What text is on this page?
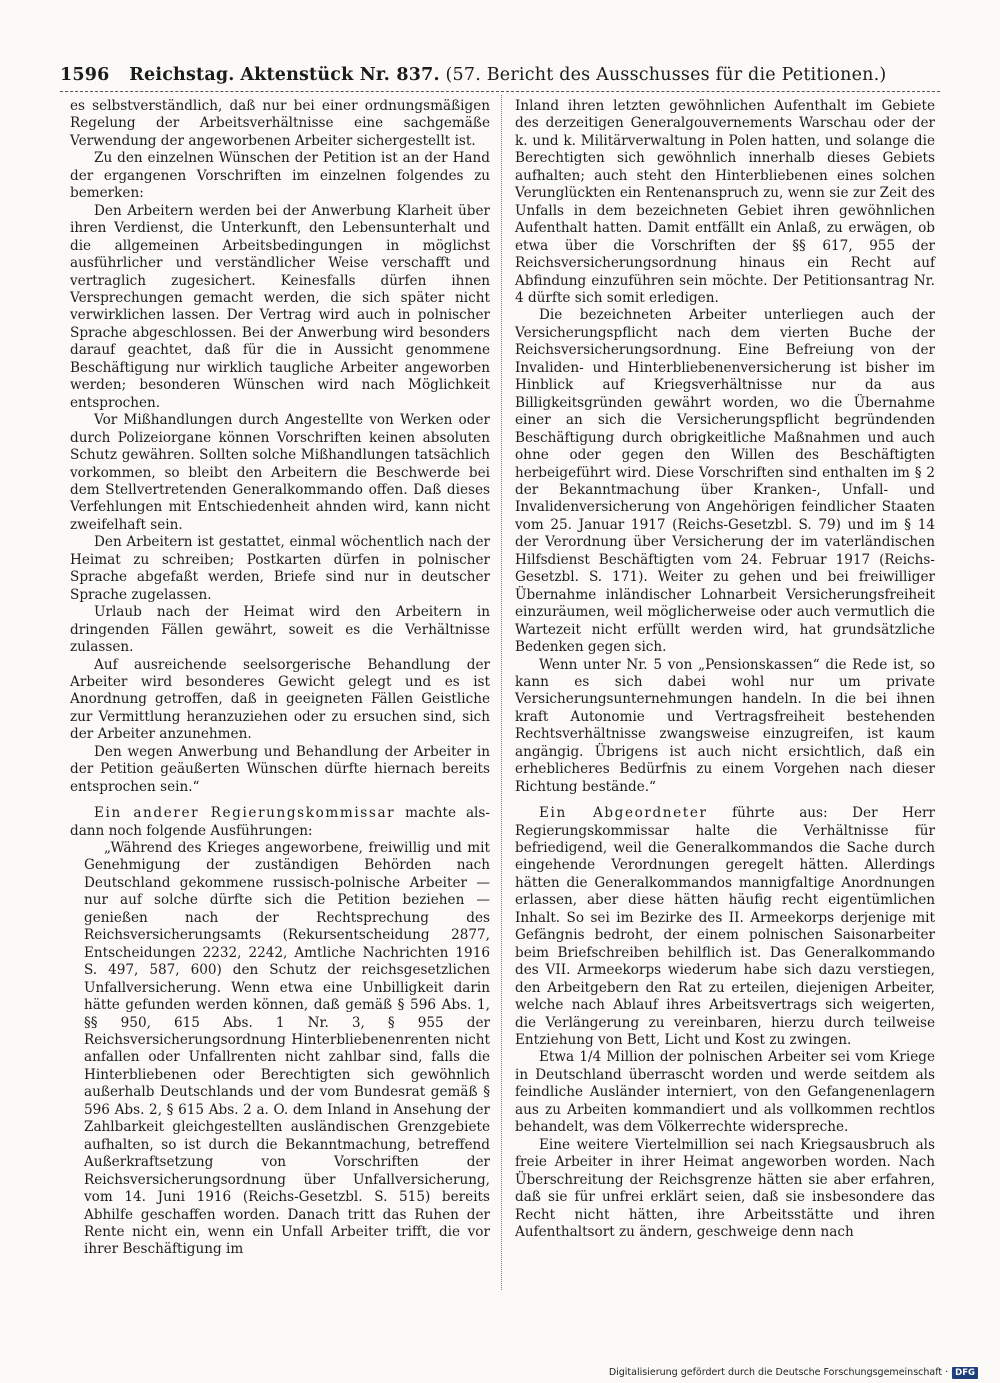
1596 Reichstag. Aktenstück Nr. 837. (57. Bericht des Ausschusses für die Petitionen.)

es selbstverständlich, daß nur bei einer ordnungsmäßigen Regelung der Arbeitsverhältnisse eine sachgemäße Verwendung der angeworbenen Arbeiter sichergestellt ist.

Zu den einzelnen Wünschen der Petition ist an der Hand der ergangenen Vorschriften im einzelnen folgendes zu bemerken:

Den Arbeitern werden bei der Anwerbung Klarheit über ihren Verdienst, die Unterkunft, den Lebensunterhalt und die allgemeinen Arbeitsbedingungen in möglichst ausführlicher und verständlicher Weise verschafft und vertraglich zugesichert. Keinesfalls dürfen ihnen Versprechungen gemacht werden, die sich später nicht verwirklichen lassen. Der Vertrag wird auch in polnischer Sprache abgeschlossen. Bei der Anwerbung wird besonders darauf geachtet, daß für die in Aussicht genommene Beschäftigung nur wirklich taugliche Arbeiter angeworben werden; besonderen Wünschen wird nach Möglichkeit entsprochen.

Vor Mißhandlungen durch Angestellte von Werken oder durch Polizeiorgane können Vorschriften keinen absoluten Schutz gewähren. Sollten solche Mißhandlungen tatsächlich vorkommen, so bleibt den Arbeitern die Beschwerde bei dem Stellvertretenden Generalkommando offen. Daß dieses Verfehlungen mit Entschiedenheit ahnden wird, kann nicht zweifelhaft sein.

Den Arbeitern ist gestattet, einmal wöchentlich nach der Heimat zu schreiben; Postkarten dürfen in polnischer Sprache abgefaßt werden, Briefe sind nur in deutscher Sprache zugelassen.

Urlaub nach der Heimat wird den Arbeitern in dringenden Fällen gewährt, soweit es die Verhältnisse zulassen.

Auf ausreichende seelsorgerische Behandlung der Arbeiter wird besonderes Gewicht gelegt und es ist Anordnung getroffen, daß in geeigneten Fällen Geistliche zur Vermittlung heranzuziehen oder zu ersuchen sind, sich der Arbeiter anzunehmen.

Den wegen Anwerbung und Behandlung der Arbeiter in der Petition geäußerten Wünschen dürfte hiernach bereits entsprochen sein.“

Ein anderer Regierungskommissar machte als- dann noch folgende Ausführungen:

„Während des Krieges angeworbene, freiwillig und mit Genehmigung der zuständigen Behörden nach Deutschland gekommene russisch-polnische Arbeiter — nur auf solche dürfte sich die Petition beziehen — genießen nach der Rechtsprechung des Reichsversicherungsamts (Rekursentscheidung 2877, Entscheidungen 2232, 2242, Amtliche Nachrichten 1916 S. 497, 587, 600) den Schutz der reichsgesetzlichen Unfallversicherung. Wenn etwa eine Unbilligkeit darin hätte gefunden werden können, daß gemäß § 596 Abs. 1, §§ 950, 615 Abs. 1 Nr. 3, § 955 der Reichsversicherungsordnung Hinterbliebenenrenten nicht anfallen oder Unfallrenten nicht zahlbar sind, falls die Hinterbliebenen oder Berechtigten sich gewöhnlich außerhalb Deutschlands und der vom Bundesrat gemäß § 596 Abs. 2, § 615 Abs. 2 a. O. dem Inland in Ansehung der Zahlbarkeit gleichgestellten ausländischen Grenzgebiete aufhalten, so ist durch die Bekanntmachung, betreffend Außerkraftsetzung von Vorschriften der Reichsversicherungsordnung über Unfallversicherung, vom 14. Juni 1916 (Reichs-Gesetzbl. S. 515) bereits Abhilfe geschaffen worden. Danach tritt das Ruhen der Rente nicht ein, wenn ein Unfall Arbeiter trifft, die vor ihrer Beschäftigung im

Inland ihren letzten gewöhnlichen Aufenthalt im Gebiete des derzeitigen Generalgouvernements Warschau oder der k. und k. Militärverwaltung in Polen hatten, und solange die Berechtigten sich gewöhnlich innerhalb dieses Gebiets aufhalten; auch steht den Hinterbliebenen eines solchen Verunglückten ein Rentenanspruch zu, wenn sie zur Zeit des Unfalls in dem bezeichneten Gebiet ihren gewöhnlichen Aufenthalt hatten. Damit entfällt ein Anlaß, zu erwägen, ob etwa über die Vorschriften der §§ 617, 955 der Reichsversicherungsordnung hinaus ein Recht auf Abfindung einzuführen sein möchte. Der Petitionsantrag Nr. 4 dürfte sich somit erledigen.

Die bezeichneten Arbeiter unterliegen auch der Versicherungspflicht nach dem vierten Buche der Reichsversicherungsordnung. Eine Befreiung von der Invaliden- und Hinterbliebenenversicherung ist bisher im Hinblick auf Kriegsverhältnisse nur da aus Billigkeitsgründen gewährt worden, wo die Übernahme einer an sich die Versicherungspflicht begründenden Beschäftigung durch obrigkeitliche Maßnahmen und auch ohne oder gegen den Willen des Beschäftigten herbeigeführt wird. Diese Vorschriften sind enthalten im § 2 der Bekanntmachung über Kranken-, Unfall- und Invalidenversicherung von Angehörigen feindlicher Staaten vom 25. Januar 1917 (Reichs-Gesetzbl. S. 79) und im § 14 der Verordnung über Versicherung der im vaterländischen Hilfsdienst Beschäftigten vom 24. Februar 1917 (Reichs-Gesetzbl. S. 171). Weiter zu gehen und bei freiwilliger Übernahme inländischer Lohnarbeit Versicherungsfreiheit einzuräumen, weil möglicherweise oder auch vermutlich die Wartezeit nicht erfüllt werden wird, hat grundsätzliche Bedenken gegen sich.

Wenn unter Nr. 5 von „Pensionskassen“ die Rede ist, so kann es sich dabei wohl nur um private Versicherungsunternehmungen handeln. In die bei ihnen kraft Autonomie und Vertragsfreiheit bestehenden Rechtsverhältnisse zwangsweise einzugreifen, ist kaum angängig. Übrigens ist auch nicht ersichtlich, daß ein erheblicheres Bedürfnis zu einem Vorgehen nach dieser Richtung bestände.“

Ein Abgeordneter führte aus: Der Herr Regierungskommissar halte die Verhältnisse für befriedigend, weil die Generalkommandos die Sache durch eingehende Verordnungen geregelt hätten. Allerdings hätten die Generalkommandos mannigfaltige Anordnungen erlassen, aber diese hätten häufig recht eigentümlichen Inhalt. So sei im Bezirke des II. Armeekorps derjenige mit Gefängnis bedroht, der einem polnischen Saisonarbeiter beim Briefschreiben behilflich ist. Das Generalkommando des VII. Armeekorps wiederum habe sich dazu verstiegen, den Arbeitgebern den Rat zu erteilen, diejenigen Arbeiter, welche nach Ablauf ihres Arbeitsvertrags sich weigerten, die Verlängerung zu vereinbaren, hierzu durch teilweise Entziehung von Bett, Licht und Kost zu zwingen.

Etwa 1/4 Million der polnischen Arbeiter sei vom Kriege in Deutschland überrascht worden und werde seitdem als feindliche Ausländer interniert, von den Gefangenenlagern aus zu Arbeiten kommandiert und als vollkommen rechtlos behandelt, was dem Völkerrechte widerspreche.

Eine weitere Viertelmillion sei nach Kriegsausbruch als freie Arbeiter in ihrer Heimat angeworben worden. Nach Überschreitung der Reichsgrenze hätten sie aber erfahren, daß sie für unfrei erklärt seien, daß sie insbesondere das Recht nicht hätten, ihre Arbeitsstätte und ihren Aufenthaltsort zu ändern, geschweige denn nach

Digitalisierung gefördert durch die Deutsche Forschungsgemeinschaft · DFG
